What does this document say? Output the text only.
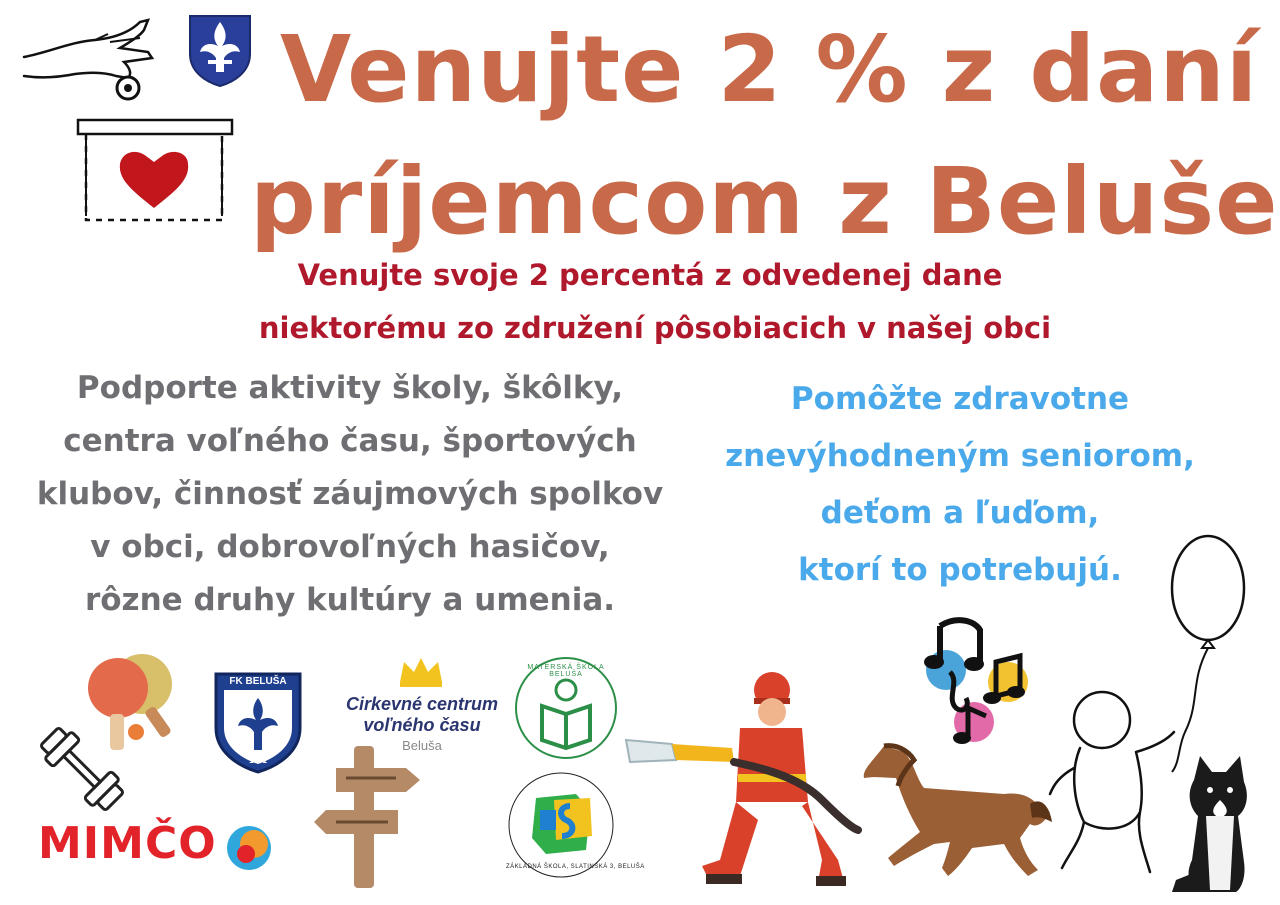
Venujte 2 % z daní
príjemcom z Beluše
Venujte svoje 2 percentá z odvedenej dane
niektorému zo združení pôsobiacich v našej obci
Podporte aktivity školy, škôlky,
centra voľného času, športových
klubov, činnosť záujmových spolkov
v obci, dobrovoľných hasičov,
rôzne druhy kultúry a umenia.
Pomôžte zdravotne
znevýhodneným seniorom,
deťom a ľuďom,
ktorí to potrebujú.
MIMČO
FK BELUŠA
1951
Cirkevné centrum
voľného času
Beluša
MATERSKÁ ŠKOLA BELUŠA
ZÁKLADNÁ ŠKOLA, SLATINSKÁ 3, BELUŠA
